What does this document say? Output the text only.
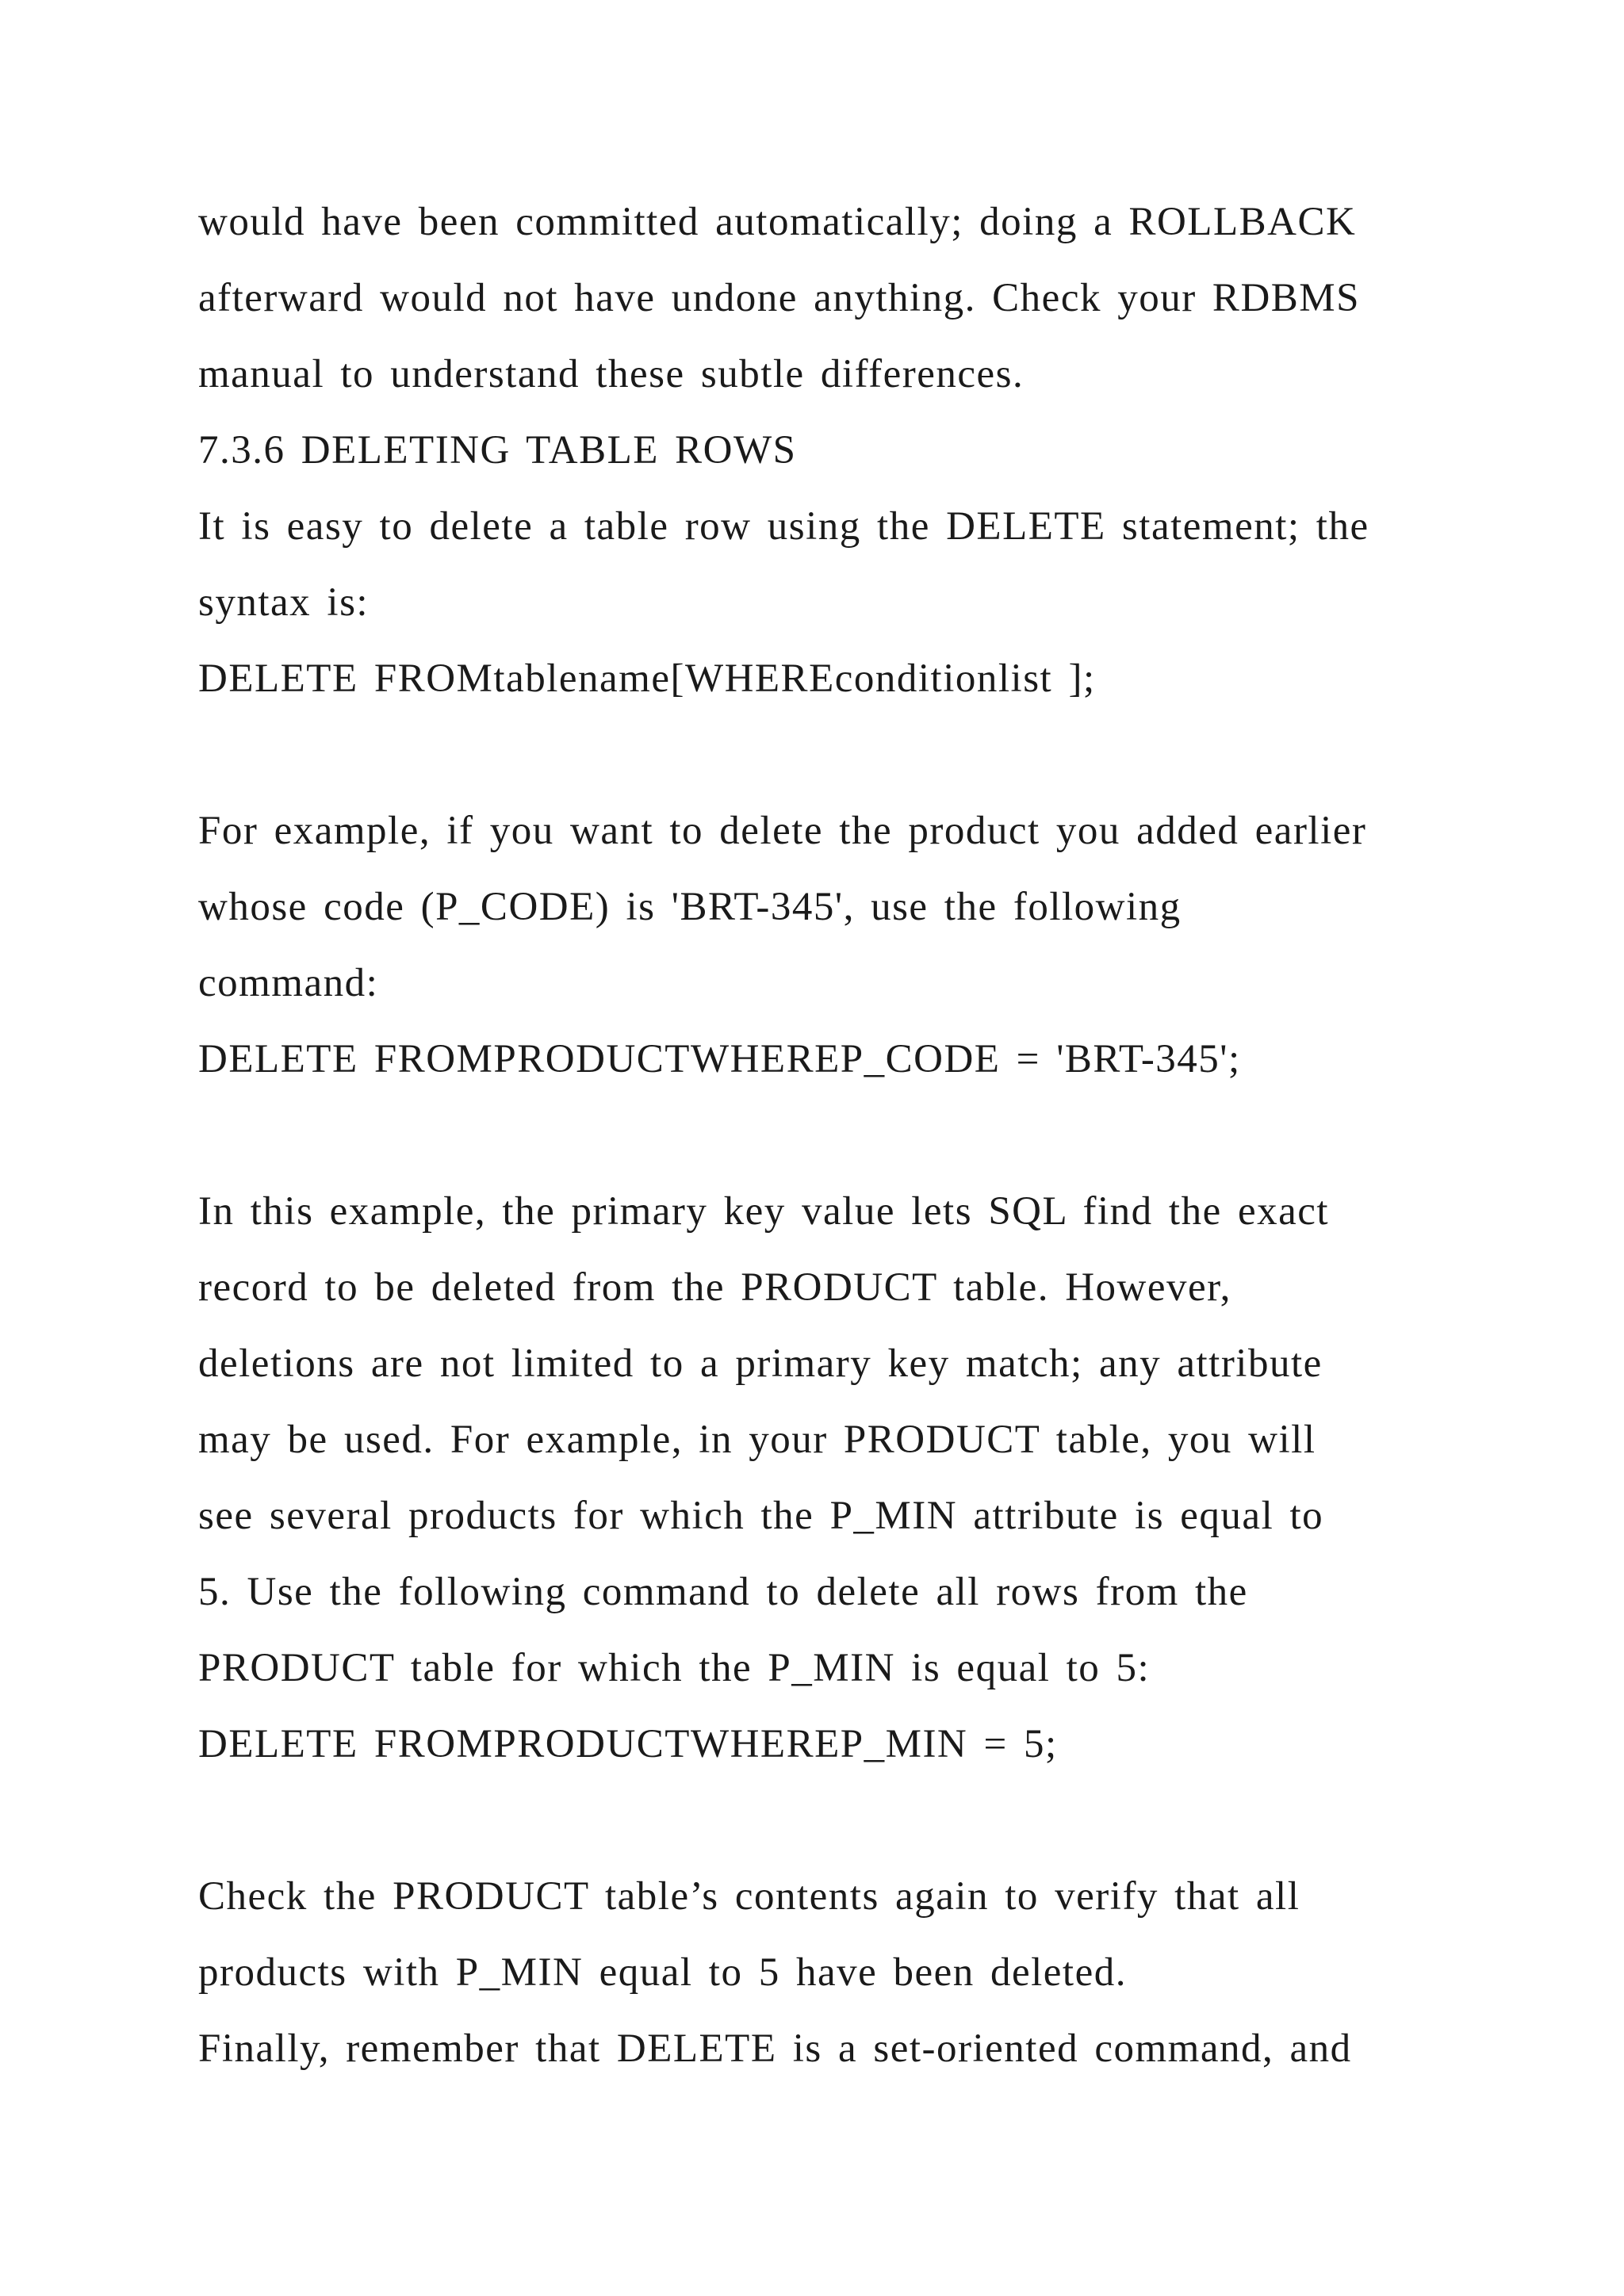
would have been committed automatically; doing a ROLLBACK
afterward would not have undone anything. Check your RDBMS
manual to understand these subtle differences.
7.3.6 DELETING TABLE ROWS
It is easy to delete a table row using the DELETE statement; the
syntax is:
DELETE FROMtablename[WHEREconditionlist ];
For example, if you want to delete the product you added earlier
whose code (P_CODE) is 'BRT-345', use the following
command:
DELETE FROMPRODUCTWHEREP_CODE = 'BRT-345';
In this example, the primary key value lets SQL find the exact
record to be deleted from the PRODUCT table. However,
deletions are not limited to a primary key match; any attribute
may be used. For example, in your PRODUCT table, you will
see several products for which the P_MIN attribute is equal to
5. Use the following command to delete all rows from the
PRODUCT table for which the P_MIN is equal to 5:
DELETE FROMPRODUCTWHEREP_MIN = 5;
Check the PRODUCT table’s contents again to verify that all
products with P_MIN equal to 5 have been deleted.
Finally, remember that DELETE is a set-oriented command, and
